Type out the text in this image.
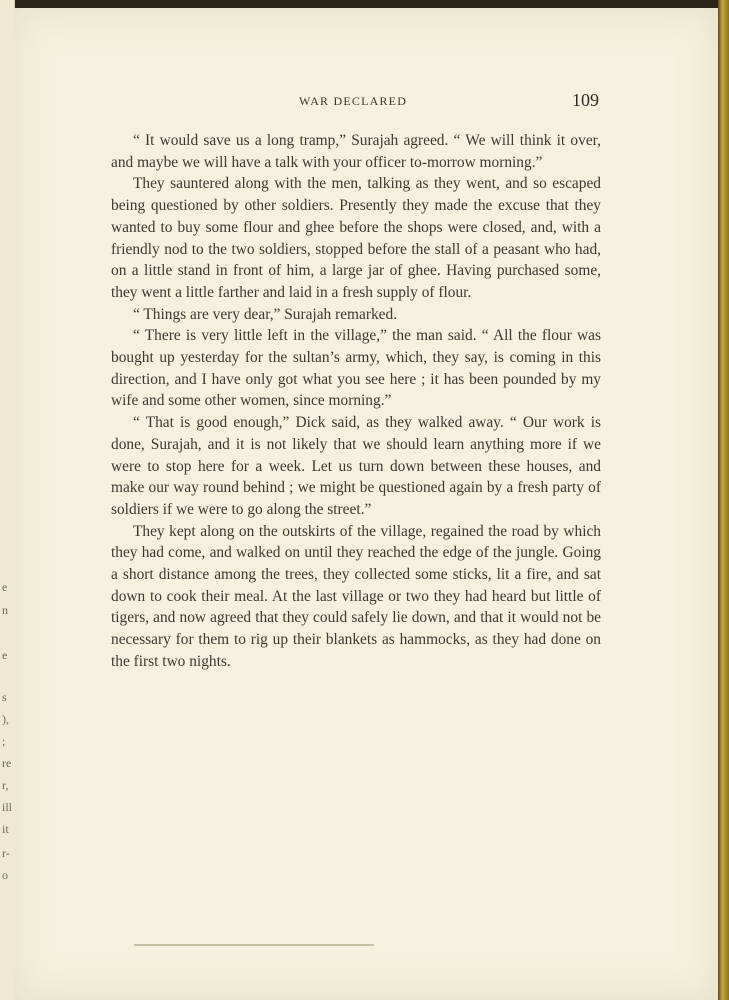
e
n
e
s
),
;
re
r,
ill
it
r-
o
WAR DECLARED	109

“ It would save us a long tramp,” Surajah agreed. “ We will think it over, and maybe we will have a talk with your officer to-morrow morning.”

They sauntered along with the men, talking as they went, and so escaped being questioned by other soldiers. Presently they made the excuse that they wanted to buy some flour and ghee before the shops were closed, and, with a friendly nod to the two soldiers, stopped before the stall of a peasant who had, on a little stand in front of him, a large jar of ghee. Having purchased some, they went a little farther and laid in a fresh supply of flour.

“ Things are very dear,” Surajah remarked.

“ There is very little left in the village,” the man said. “ All the flour was bought up yesterday for the sultan’s army, which, they say, is coming in this direction, and I have only got what you see here ; it has been pounded by my wife and some other women, since morning.”

“ That is good enough,” Dick said, as they walked away. “ Our work is done, Surajah, and it is not likely that we should learn anything more if we were to stop here for a week. Let us turn down between these houses, and make our way round behind ; we might be questioned again by a fresh party of soldiers if we were to go along the street.”

They kept along on the outskirts of the village, regained the road by which they had come, and walked on until they reached the edge of the jungle. Going a short distance among the trees, they collected some sticks, lit a fire, and sat down to cook their meal. At the last village or two they had heard but little of tigers, and now agreed that they could safely lie down, and that it would not be necessary for them to rig up their blankets as hammocks, as they had done on the first two nights.
